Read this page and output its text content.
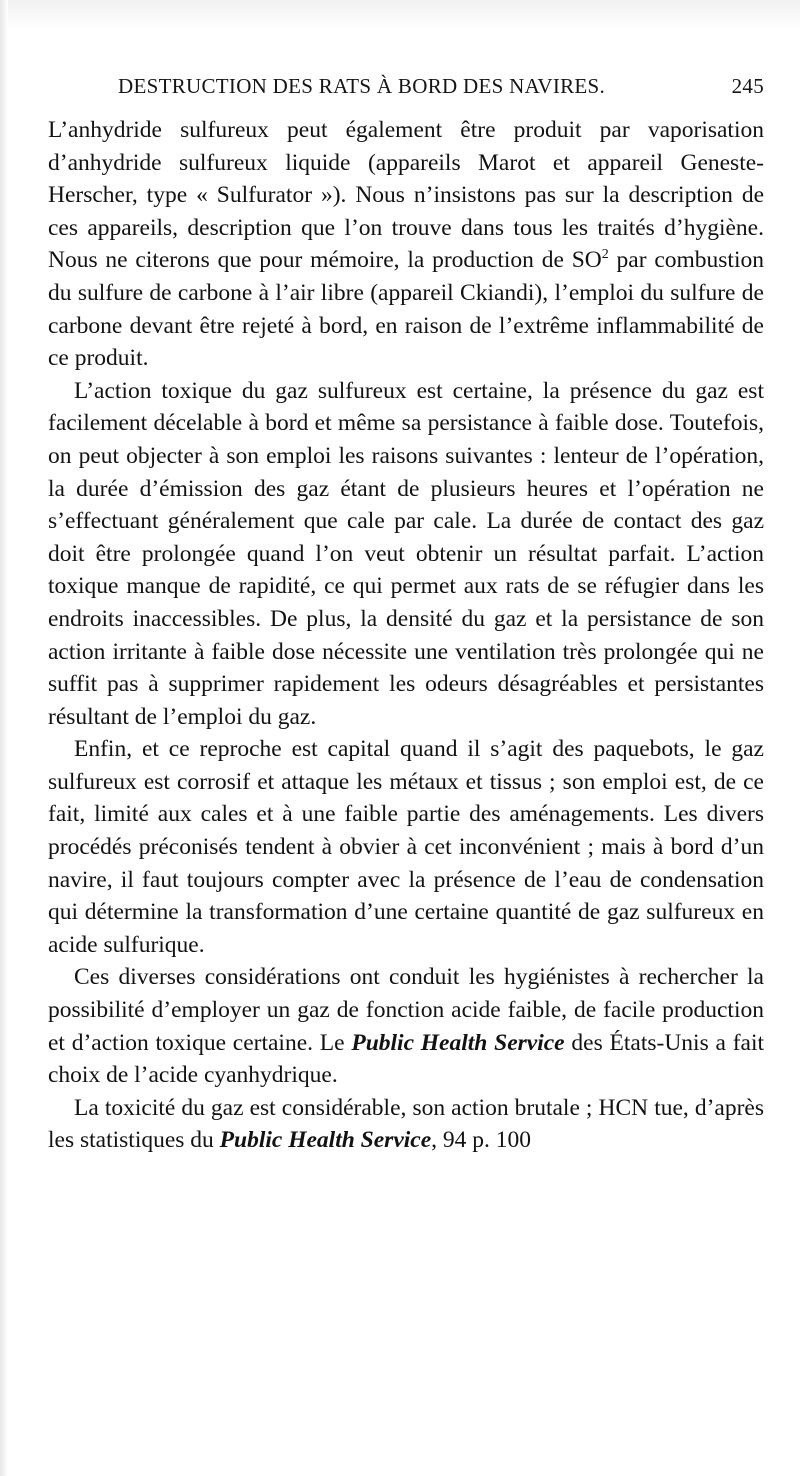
DESTRUCTION DES RATS À BORD DES NAVIRES.	245

L’anhydride sulfureux peut également être produit par vaporisation d’anhydride sulfureux liquide (appareils Marot et appareil Geneste-Herscher, type « Sulfurator »). Nous n’insistons pas sur la description de ces appareils, description que l’on trouve dans tous les traités d’hygiène. Nous ne citerons que pour mémoire, la production de $SO^2$ par combustion du sulfure de carbone à l’air libre (appareil Ckiandi), l’emploi du sulfure de carbone devant être rejeté à bord, en raison de l’extrême inflammabilité de ce produit.

L’action toxique du gaz sulfureux est certaine, la présence du gaz est facilement décelable à bord et même sa persistance à faible dose. Toutefois, on peut objecter à son emploi les raisons suivantes : lenteur de l’opération, la durée d’émission des gaz étant de plusieurs heures et l’opération ne s’effectuant généralement que cale par cale. La durée de contact des gaz doit être prolongée quand l’on veut obtenir un résultat parfait. L’action toxique manque de rapidité, ce qui permet aux rats de se réfugier dans les endroits inaccessibles. De plus, la densité du gaz et la persistance de son action irritante à faible dose nécessite une ventilation très prolongée qui ne suffit pas à supprimer rapidement les odeurs désagréables et persistantes résultant de l’emploi du gaz.

Enfin, et ce reproche est capital quand il s’agit des paquebots, le gaz sulfureux est corrosif et attaque les métaux et tissus ; son emploi est, de ce fait, limité aux cales et à une faible partie des aménagements. Les divers procédés préconisés tendent à obvier à cet inconvénient ; mais à bord d’un navire, il faut toujours compter avec la présence de l’eau de condensation qui détermine la transformation d’une certaine quantité de gaz sulfureux en acide sulfurique.

Ces diverses considérations ont conduit les hygiénistes à rechercher la possibilité d’employer un gaz de fonction acide faible, de facile production et d’action toxique certaine. Le Public Health Service des États-Unis a fait choix de l’acide cyanhydrique.

La toxicité du gaz est considérable, son action brutale ; HCN tue, d’après les statistiques du Public Health Service, 94 p. 100
